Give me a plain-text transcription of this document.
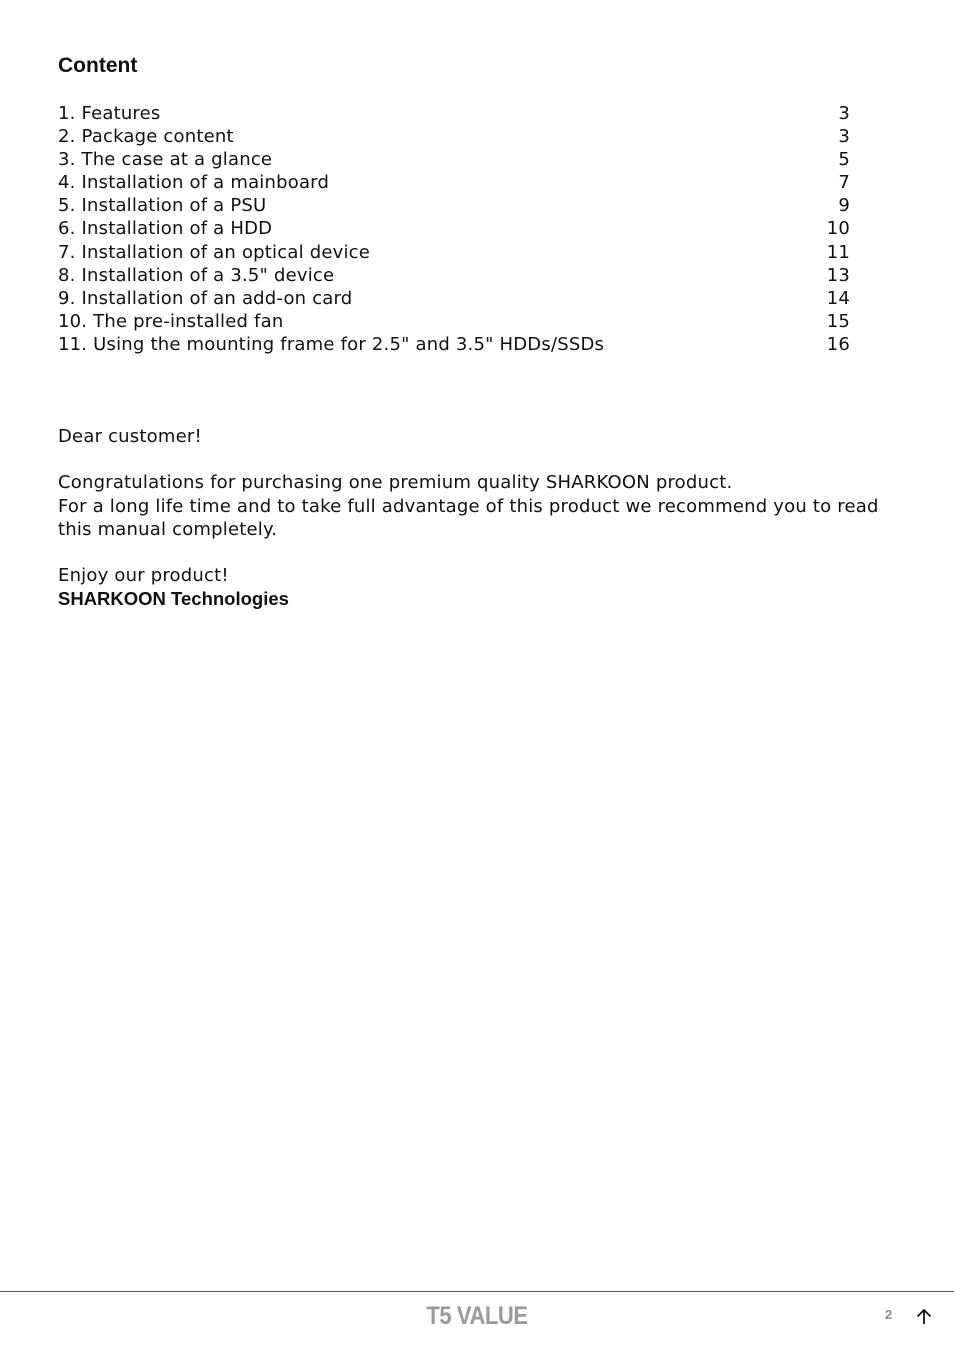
Content
1. Features	3
2. Package content	3
3. The case at a glance	5
4. Installation of a mainboard	7
5. Installation of a PSU	9
6. Installation of a HDD	10
7. Installation of an optical device	11
8. Installation of a 3.5" device	13
9. Installation of an add-on card	14
10. The pre-installed fan	15
11. Using the mounting frame for 2.5" and 3.5" HDDs/SSDs	16

Dear customer!

Congratulations for purchasing one premium quality SHARKOON product.

For a long life time and to take full advantage of this product we recommend you to read this manual completely.

Enjoy our product!

SHARKOON Technologies

T5 VALUE	2
